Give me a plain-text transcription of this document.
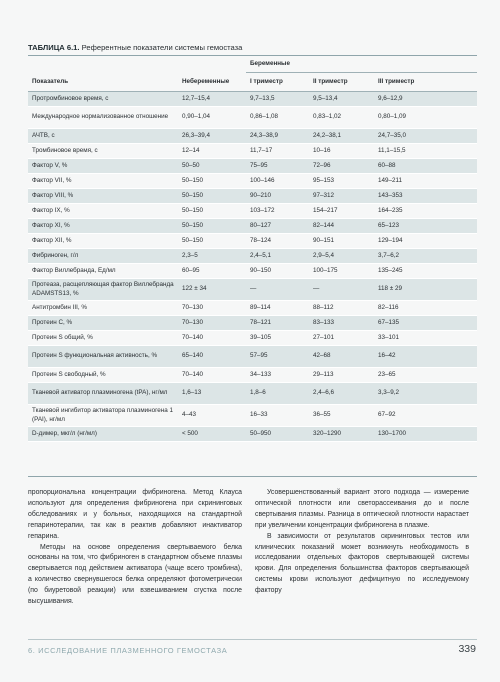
ТАБЛИЦА 6.1. Референтные показатели системы гемостаза
Беременные
Показатель	Небеременные	I триместр	II триместр	III триместр
Протромбиновое время, с	12,7–15,4	9,7–13,5	9,5–13,4	9,6–12,9
Международное нормализованное отношение	0,90–1,04	0,86–1,08	0,83–1,02	0,80–1,09
АЧТВ, с	26,3–39,4	24,3–38,9	24,2–38,1	24,7–35,0
Тромбиновое время, с	12–14	11,7–17	10–16	11,1–15,5
Фактор V, %	50–50	75–95	72–96	60–88
Фактор VII, %	50–150	100–146	95–153	149–211
Фактор VIII, %	50–150	90–210	97–312	143–353
Фактор IX, %	50–150	103–172	154–217	164–235
Фактор XI, %	50–150	80–127	82–144	65–123
Фактор XII, %	50–150	78–124	90–151	129–194
Фибриноген, г/л	2,3–5	2,4–5,1	2,9–5,4	3,7–6,2
Фактор Виллебранда, Ед/мл	60–95	90–150	100–175	135–245
Протеаза, расщепляющая фактор Виллебранда ADAMSTS13, %	122 ± 34	—	—	118 ± 29
Антитромбин III, %	70–130	89–114	88–112	82–116
Протеин C, %	70–130	78–121	83–133	67–135
Протеин S общий, %	70–140	39–105	27–101	33–101
Протеин S функциональная активность, %	65–140	57–95	42–68	16–42
Протеин S свободный, %	70–140	34–133	29–113	23–65
Тканевой активатор плазминогена (tPA), нг/мл	1,6–13	1,8–6	2,4–6,6	3,3–9,2
Тканевой ингибитор активатора плазминогена 1 (PAI), нг/мл	4–43	16–33	36–55	67–92
D-димер, мкг/л (нг/мл)	< 500	50–950	320–1290	130–1700

пропорциональна концентрации фибриногена. Метод Клауса используют для определения фибриногена при скрининговых обследованиях и у больных, находящихся на стандартной гепаринотерапии, так как в реактив добавляют инактиватор гепарина.

Методы на основе определения свертываемого белка основаны на том, что фибриноген в стандартном объеме плазмы свертывается под действием активатора (чаще всего тромбина), а количество свернувшегося белка определяют фотометрически (по биуретовой реакции) или взвешиванием сгустка после высушивания.

Усовершенствованный вариант этого подхода — измерение оптической плотности или светорассеивания до и после свертывания плазмы. Разница в оптической плотности нарастает при увеличении концентрации фибриногена в плазме.

В зависимости от результатов скрининговых тестов или клинических показаний может возникнуть необходимость в исследовании отдельных факторов свертывающей системы крови. Для определения большинства факторов свертывающей системы крови используют дефицитную по исследуемому фактору

6. ИССЛЕДОВАНИЕ ПЛАЗМЕННОГО ГЕМОСТАЗА	339
